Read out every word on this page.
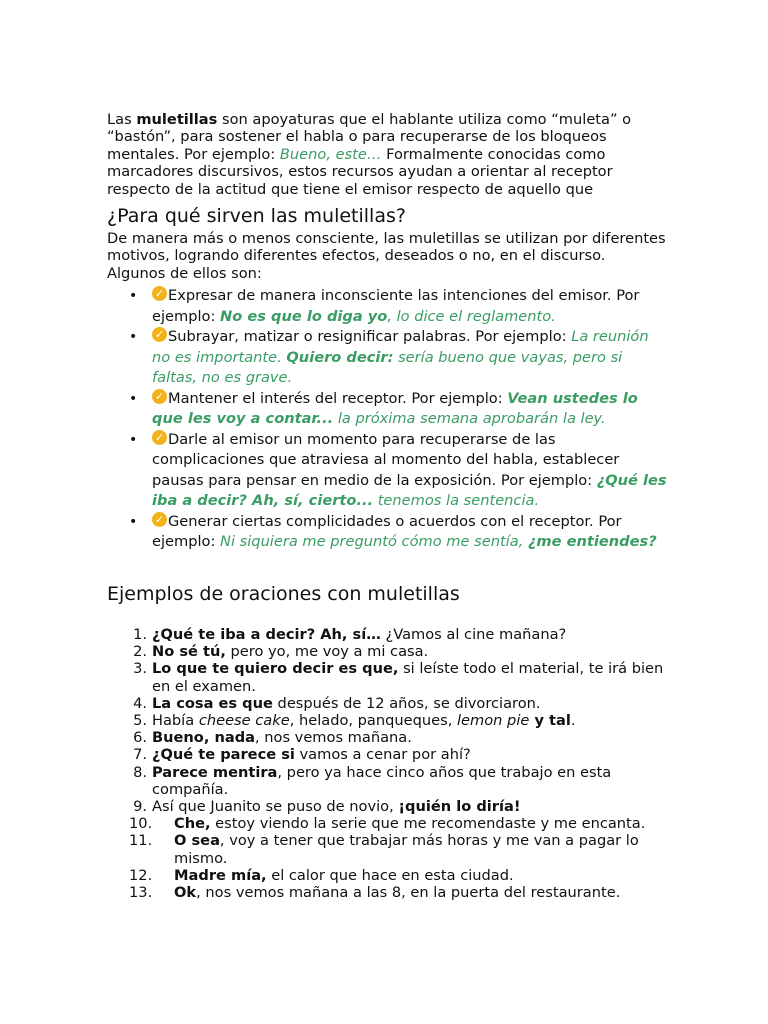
Las muletillas son apoyaturas que el hablante utiliza como “muleta” o “bastón”, para sostener el habla o para recuperarse de los bloqueos mentales. Por ejemplo: Bueno, este… Formalmente conocidas como marcadores discursivos, estos recursos ayudan a orientar al receptor respecto de la actitud que tiene el emisor respecto de aquello que

¿Para qué sirven las muletillas?

De manera más o menos consciente, las muletillas se utilizan por diferentes motivos, logrando diferentes efectos, deseados o no, en el discurso. Algunos de ellos son:

• ✓ Expresar de manera inconsciente las intenciones del emisor. Por ejemplo: No es que lo diga yo, lo dice el reglamento.
• ✓ Subrayar, matizar o resignificar palabras. Por ejemplo: La reunión no es importante. Quiero decir: sería bueno que vayas, pero si faltas, no es grave.
• ✓ Mantener el interés del receptor. Por ejemplo: Vean ustedes lo que les voy a contar... la próxima semana aprobarán la ley.
• ✓ Darle al emisor un momento para recuperarse de las complicaciones que atraviesa al momento del habla, establecer pausas para pensar en medio de la exposición. Por ejemplo: ¿Qué les iba a decir? Ah, sí, cierto... tenemos la sentencia.
• ✓ Generar ciertas complicidades o acuerdos con el receptor. Por ejemplo: Ni siquiera me preguntó cómo me sentía, ¿me entiendes?
Ejemplos de oraciones con muletillas
1. ¿Qué te iba a decir? Ah, sí… ¿Vamos al cine mañana?
2. No sé tú, pero yo, me voy a mi casa.
3. Lo que te quiero decir es que, si leíste todo el material, te irá bien en el examen.
4. La cosa es que después de 12 años, se divorciaron.
5. Había cheese cake, helado, panqueques, lemon pie y tal.
6. Bueno, nada, nos vemos mañana.
7. ¿Qué te parece si vamos a cenar por ahí?
8. Parece mentira, pero ya hace cinco años que trabajo en esta compañía.
9. Así que Juanito se puso de novio, ¡quién lo diría!
10. Che, estoy viendo la serie que me recomendaste y me encanta.
11. O sea, voy a tener que trabajar más horas y me van a pagar lo mismo.
12. Madre mía, el calor que hace en esta ciudad.
13. Ok, nos vemos mañana a las 8, en la puerta del restaurante.
